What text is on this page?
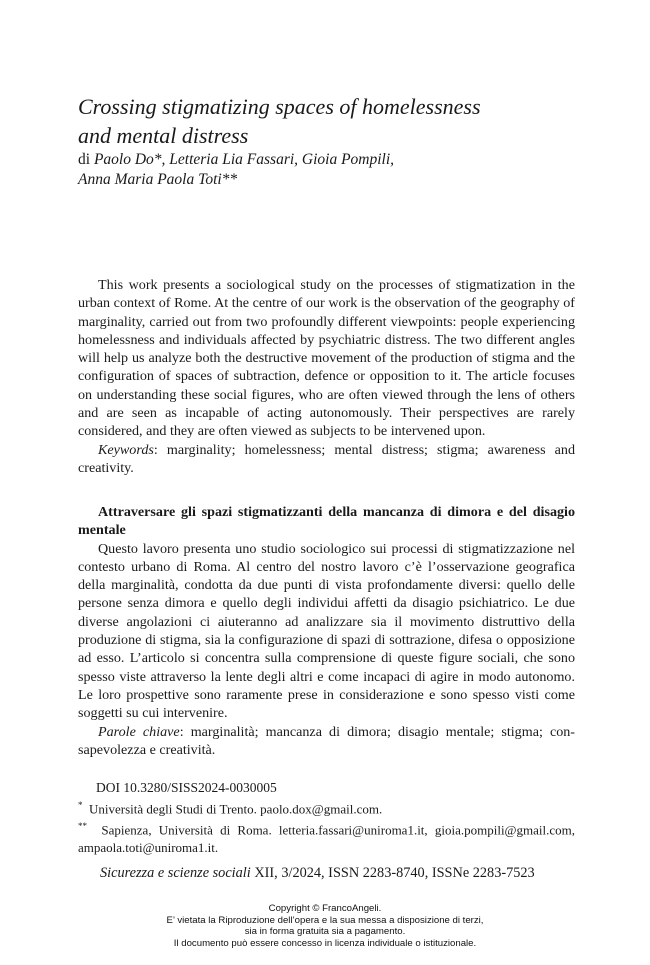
Crossing stigmatizing spaces of homelessness
and mental distress
di Paolo Do*, Letteria Lia Fassari, Gioia Pompili,
Anna Maria Paola Toti**

This work presents a sociological study on the processes of stigmatization in the urban context of Rome. At the centre of our work is the observation of the geography of marginality, carried out from two profoundly different viewpoints: people experiencing homelessness and individuals affected by psychiatric distress. The two different angles will help us analyze both the destructive movement of the production of stigma and the configuration of spaces of subtraction, defence or opposition to it. The article focuses on understanding these social figures, who are often viewed through the lens of others and are seen as incapable of acting autonomously. Their perspectives are rarely considered, and they are often viewed as subjects to be intervened upon.

Keywords: marginality; homelessness; mental distress; stigma; awareness and creativity.

Attraversare gli spazi stigmatizzanti della mancanza di dimora e del disagio mentale

Questo lavoro presenta uno studio sociologico sui processi di stigmatizzazione nel contesto urbano di Roma. Al centro del nostro lavoro c’è l’osservazione geografica della marginalità, condotta da due punti di vista profondamente diversi: quello delle persone senza dimora e quello degli individui affetti da disagio psichiatrico. Le due diverse angolazioni ci aiuteranno ad analizzare sia il movimento distruttivo della produzione di stigma, sia la configurazione di spazi di sottrazione, difesa o opposizione ad esso. L’articolo si concentra sulla comprensione di queste figure sociali, che sono spesso viste attraverso la lente degli altri e come incapaci di agire in modo autonomo. Le loro prospettive sono raramente prese in considerazione e sono spesso visti come soggetti su cui intervenire.

Parole chiave: marginalità; mancanza di dimora; disagio mentale; stigma; consapevolezza e creatività.

DOI 10.3280/SISS2024-0030005

* Università degli Studi di Trento. paolo.dox@gmail.com.

** Sapienza, Università di Roma. letteria.fassari@uniroma1.it, gioia.pompili@gmail.com, ampaola.toti@uniroma1.it.

Sicurezza e scienze sociali XII, 3/2024, ISSN 2283-8740, ISSNe 2283-7523
Copyright © FrancoAngeli.
E’ vietata la Riproduzione dell’opera e la sua messa a disposizione di terzi,
sia in forma gratuita sia a pagamento.
Il documento può essere concesso in licenza individuale o istituzionale.
